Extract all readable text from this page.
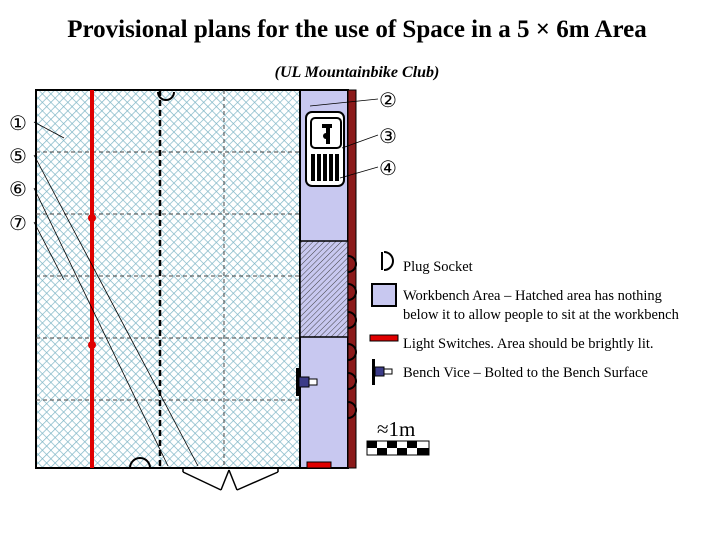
Provisional plans for the use of Space in a 5 × 6m Area
(UL Mountainbike Club)
①
⑤
⑥
⑦
②
③
④
Plug Socket
Workbench Area – Hatched area has nothing
below it to allow people to sit at the workbench
Light Switches. Area should be brightly lit.
Bench Vice – Bolted to the Bench Surface
≈1m
